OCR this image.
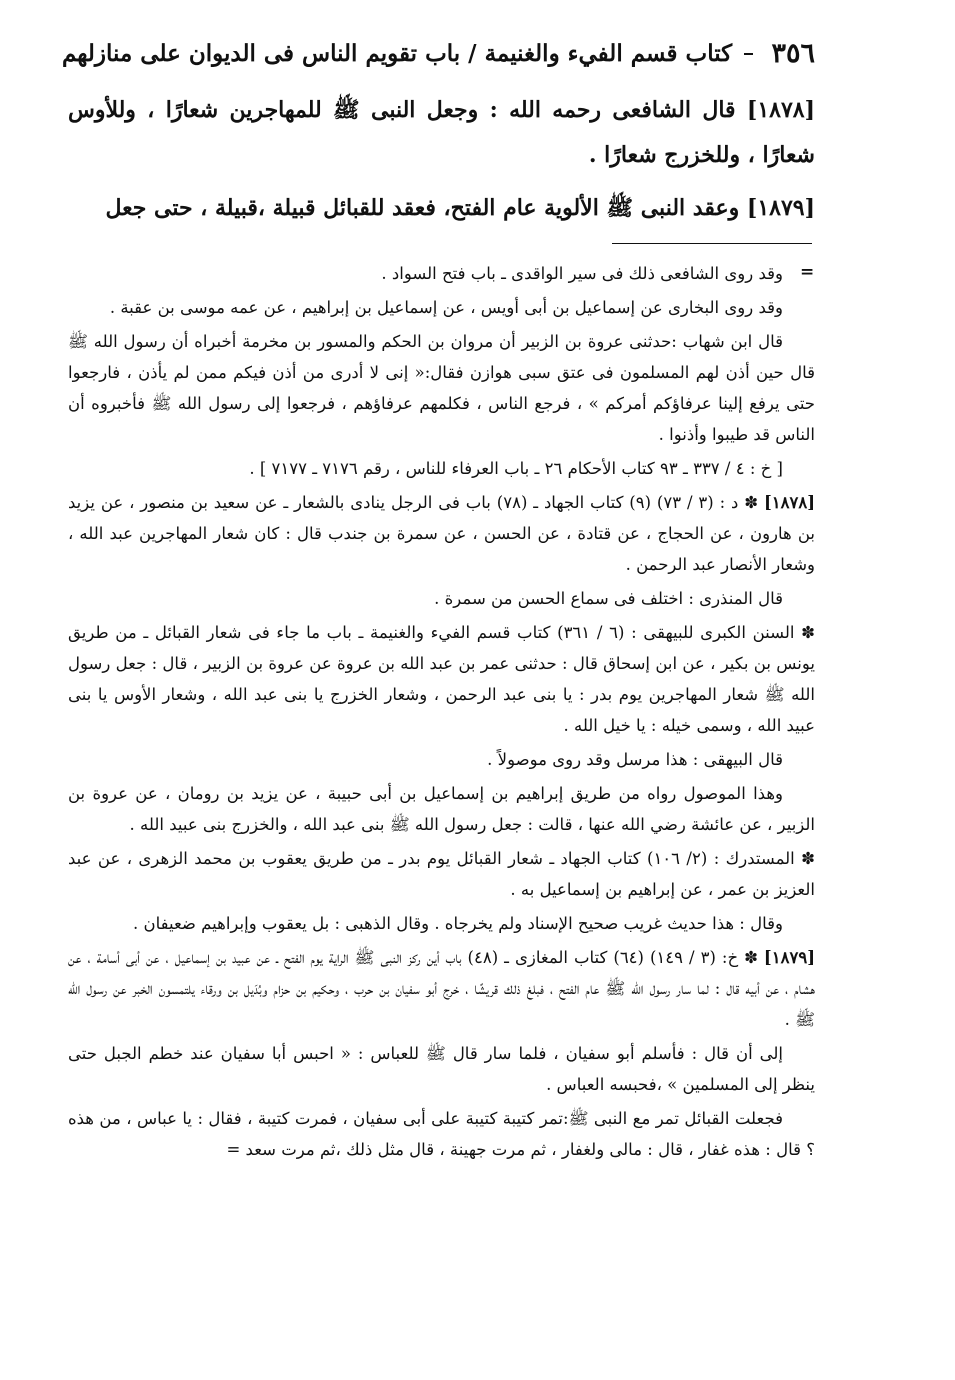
٣٥٦
كتاب قسم الفيء والغنيمة / باب تقويم الناس فى الديوان على منازلهم

[١٨٧٨] قال الشافعى رحمه الله : وجعل النبى ﷺ للمهاجرين شعارًا ، وللأوس شعارًا ، وللخزرج شعارًا .

[١٨٧٩] وعقد النبى ﷺ الألوية عام الفتح، فعقد للقبائل قبيلة ،قبيلة ، حتى جعل

=

وقد روى الشافعى ذلك فى سير الواقدى ـ باب فتح السواد .

وقد روى البخارى عن إسماعيل بن أبى أويس ، عن إسماعيل بن إبراهيم ، عن عمه موسى بن عقبة .

قال ابن شهاب :حدثنى عروة بن الزبير أن مروان بن الحكم والمسور بن مخرمة أخبراه أن رسول الله ﷺ قال حين أذن لهم المسلمون فى عتق سبى هوازن فقال:« إنى لا أدرى من أذن فيكم ممن لم يأذن ، فارجعوا حتى يرفع إلينا عرفاؤكم أمركم » ، فرجع الناس ، فكلمهم عرفاؤهم ، فرجعوا إلى رسول الله ﷺ فأخبروه أن الناس قد طيبوا وأذنوا .

[ خ : ٤ / ٣٣٧ ـ ٩٣ كتاب الأحكام ٢٦ ـ باب العرفاء للناس ، رقم ٧١٧٦ ـ ٧١٧٧ ] .

[١٨٧٨] ✽ د : (٣ / ٧٣) (٩) كتاب الجهاد ـ (٧٨) باب فى الرجل ينادى بالشعار ـ عن سعيد بن منصور ، عن يزيد بن هارون ، عن الحجاج ، عن قتادة ، عن الحسن ، عن سمرة بن جندب قال : كان شعار المهاجرين عبد الله ، وشعار الأنصار عبد الرحمن .

قال المنذرى : اختلف فى سماع الحسن من سمرة .

✽ السنن الكبرى للبيهقى : (٦ / ٣٦١) كتاب قسم الفيء والغنيمة ـ باب ما جاء فى شعار القبائل ـ من طريق يونس بن بكير ، عن ابن إسحاق قال : حدثنى عمر بن عبد الله بن عروة عن عروة بن الزبير ، قال : جعل رسول الله ﷺ شعار المهاجرين يوم بدر : يا بنى عبد الرحمن ، وشعار الخزرج يا بنى عبد الله ، وشعار الأوس يا بنى عبيد الله ، وسمى خيله : يا خيل الله .

قال البيهقى : هذا مرسل وقد روى موصولاً .

وهذا الموصول رواه من طريق إبراهيم بن إسماعيل بن أبى حبيبة ، عن يزيد بن رومان ، عن عروة بن الزبير ، عن عائشة رضي الله عنها ، قالت : جعل رسول الله ﷺ بنى عبد الله ، والخزرج بنى عبيد الله .

✽ المستدرك : (٢/ ١٠٦) كتاب الجهاد ـ شعار القبائل يوم بدر ـ من طريق يعقوب بن محمد الزهرى ، عن عبد العزيز بن عمر ، عن إبراهيم بن إسماعيل به .

وقال : هذا حديث غريب صحيح الإسناد ولم يخرجاه . وقال الذهبى : بل يعقوب وإبراهيم ضعيفان .

[١٨٧٩] ✽ خ: (٣ / ١٤٩) (٦٤) كتاب المغازى ـ (٤٨) باب أين ركز النبى ﷺ الراية يوم الفتح ـ عن عبيد بن إسماعيل ، عن أبى أسامة ، عن هشام ، عن أبيه قال : لما سار رسول الله ﷺ عام الفتح ، فبلغ ذلك قريشًا ، خرج أبو سفيان بن حرب ، وحكيم بن حزام وبُدَيل بن ورقاء يلتمسون الخبر عن رسول الله ﷺ .

إلى أن قال : فأسلم أبو سفيان ، فلما سار قال ﷺ للعباس : « احبس أبا سفيان عند خطم الجبل حتى ينظر إلى المسلمين » ،فحبسه العباس .

فجعلت القبائل تمر مع النبى ﷺ:تمر كتيبة كتيبة على أبى سفيان ، فمرت كتيبة ، فقال : يا عباس ، من هذه ؟ قال : هذه غفار ، قال : مالى ولغفار ، ثم مرت جهينة ، قال مثل ذلك ،ثم مرت سعد =
